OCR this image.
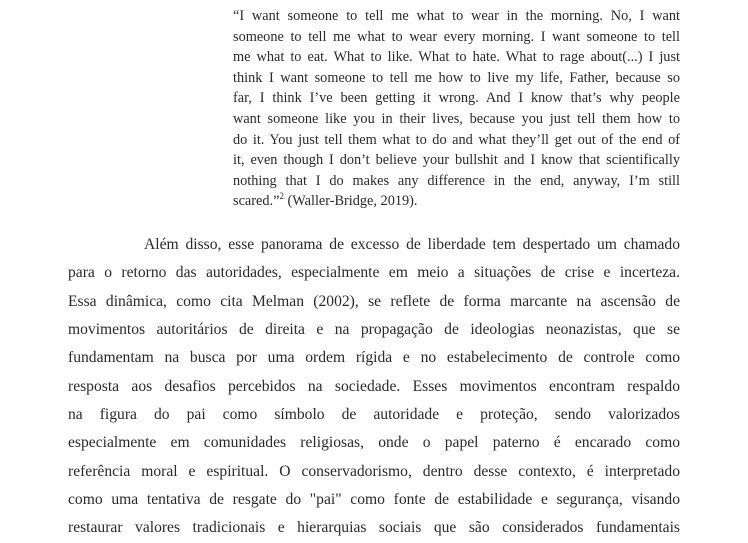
“I want someone to tell me what to wear in the morning. No, I want
someone to tell me what to wear every morning. I want someone to tell
me what to eat. What to like. What to hate. What to rage about(...) I just
think I want someone to tell me how to live my life, Father, because so
far, I think I’ve been getting it wrong. And I know that’s why people
want someone like you in their lives, because you just tell them how to
do it. You just tell them what to do and what they’ll get out of the end of
it, even though I don’t believe your bullshit and I know that scientifically
nothing that I do makes any difference in the end, anyway, I’m still
scared.”$^2$ (Waller-Bridge, 2019).
Além disso, esse panorama de excesso de liberdade tem despertado um chamado
para o retorno das autoridades, especialmente em meio a situações de crise e incerteza.
Essa dinâmica, como cita Melman (2002), se reflete de forma marcante na ascensão de
movimentos autoritários de direita e na propagação de ideologias neonazistas, que se
fundamentam na busca por uma ordem rígida e no estabelecimento de controle como
resposta aos desafios percebidos na sociedade. Esses movimentos encontram respaldo
na figura do pai como símbolo de autoridade e proteção, sendo valorizados
especialmente em comunidades religiosas, onde o papel paterno é encarado como
referência moral e espiritual. O conservadorismo, dentro desse contexto, é interpretado
como uma tentativa de resgate do "pai" como fonte de estabilidade e segurança, visando
restaurar valores tradicionais e hierarquias sociais que são considerados fundamentais
